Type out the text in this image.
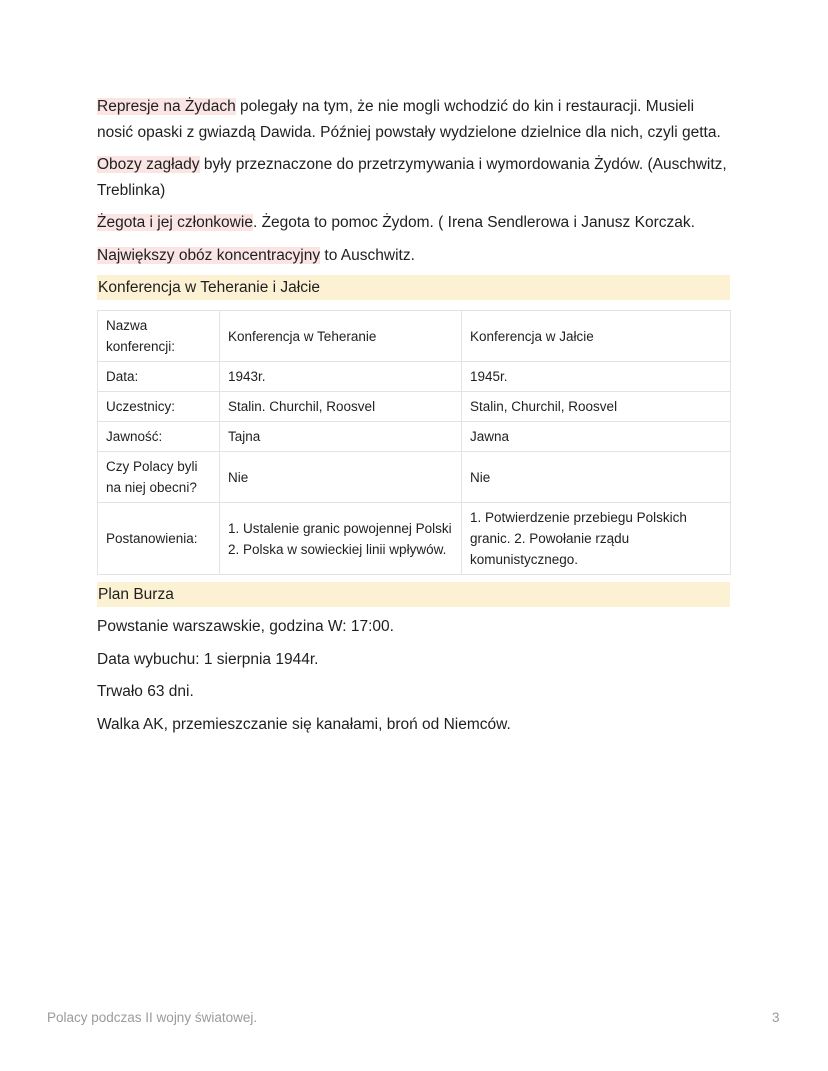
Represje na Żydach polegały na tym, że nie mogli wchodzić do kin i restauracji. Musieli nosić opaski z gwiazdą Dawida. Później powstały wydzielone dzielnice dla nich, czyli getta.

Obozy zagłady były przeznaczone do przetrzymywania i wymordowania Żydów. (Auschwitz, Treblinka)

Żegota i jej członkowie. Żegota to pomoc Żydom. ( Irena Sendlerowa i Janusz Korczak.

Największy obóz koncentracyjny to Auschwitz.

Konferencja w Teheranie i Jałcie
Nazwa konferencji:	Konferencja w Teheranie	Konferencja w Jałcie
Data:	1943r.	1945r.
Uczestnicy:	Stalin. Churchil, Roosvel	Stalin, Churchil, Roosvel
Jawność:	Tajna	Jawna
Czy Polacy byli na niej obecni?	Nie	Nie
Postanowienia:	1. Ustalenie granic powojennej Polski 2. Polska w sowieckiej linii wpływów.	1. Potwierdzenie przebiegu Polskich granic. 2. Powołanie rządu komunistycznego.
Plan Burza

Powstanie warszawskie, godzina W: 17:00.

Data wybuchu: 1 sierpnia 1944r.

Trwało 63 dni.

Walka AK, przemieszczanie się kanałami, broń od Niemców.

Polacy podczas II wojny światowej.	3
